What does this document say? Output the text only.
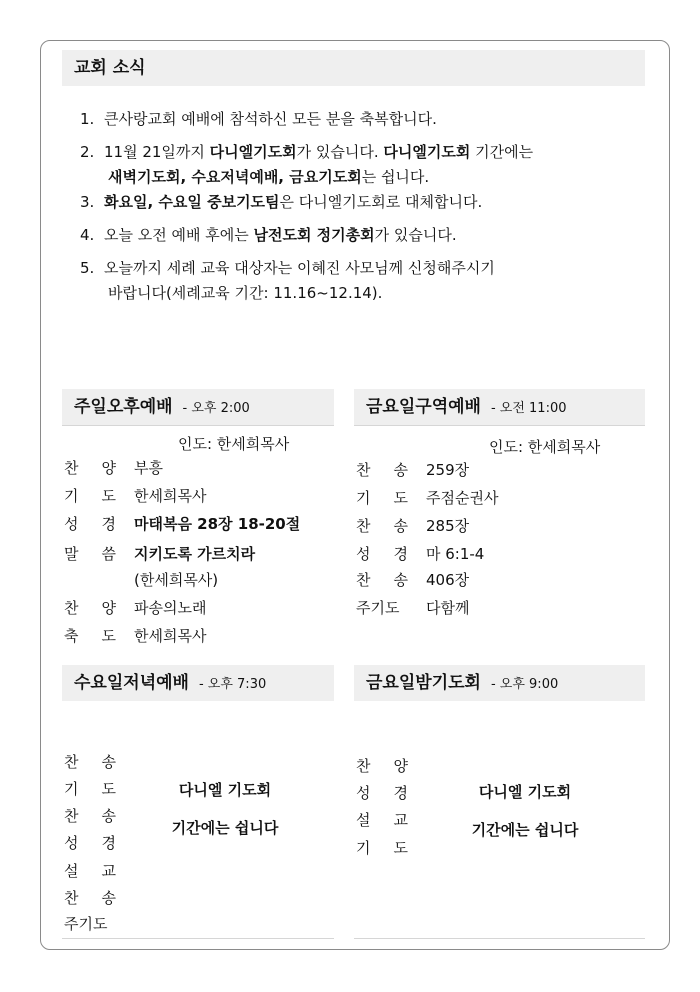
교회 소식
1. 큰사랑교회 예배에 참석하신 모든 분을 축복합니다.
2. 11월 21일까지 다니엘기도회가 있습니다. 다니엘기도회 기간에는
새벽기도회, 수요저녁예배, 금요기도회는 쉽니다.
3. 화요일, 수요일 중보기도팀은 다니엘기도회로 대체합니다.
4. 오늘 오전 예배 후에는 남전도회 정기총회가 있습니다.
5. 오늘까지 세례 교육 대상자는 이혜진 사모님께 신청해주시기
바랍니다(세례교육 기간: 11.16~12.14).
주일오후예배 - 오후 2:00
인도: 한세희목사
찬 양 부흥
기 도 한세희목사
성 경 마태복음 28장 18-20절
말 씀 지키도록 가르치라
(한세희목사)
찬 양 파송의노래
축 도 한세희목사
금요일구역예배 - 오전 11:00
인도: 한세희목사
찬 송 259장
기 도 주점순권사
찬 송 285장
성 경 마 6:1-4
찬 송 406장
주기도 다함께
수요일저녁예배 - 오후 7:30
찬 송
기 도
찬 송
성 경
설 교
찬 송
주기도
다니엘 기도회
기간에는 쉽니다
금요일밤기도회 - 오후 9:00
찬 양
성 경
설 교
기 도
다니엘 기도회
기간에는 쉽니다
